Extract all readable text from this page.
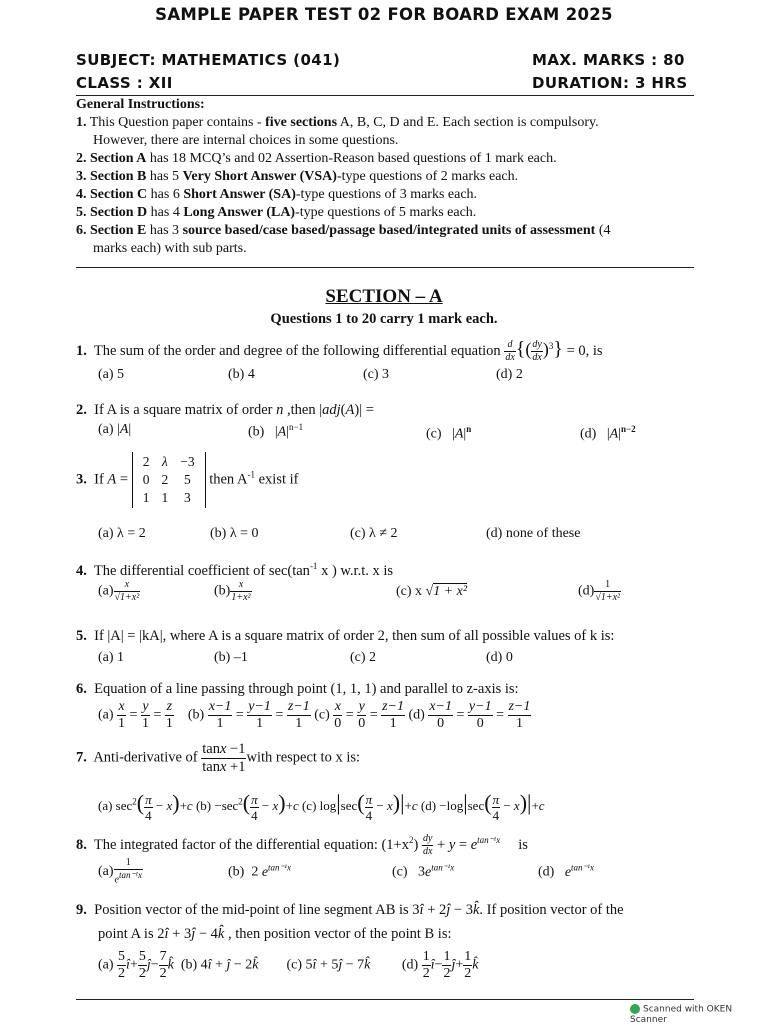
SAMPLE PAPER TEST 02 FOR BOARD EXAM 2025
SUBJECT: MATHEMATICS (041)
CLASS : XII
MAX. MARKS : 80
DURATION: 3 HRS
General Instructions:
1. This Question paper contains - five sections A, B, C, D and E. Each section is compulsory.
However, there are internal choices in some questions.
2. Section A has 18 MCQ’s and 02 Assertion-Reason based questions of 1 mark each.
3. Section B has 5 Very Short Answer (VSA)-type questions of 2 marks each.
4. Section C has 6 Short Answer (SA)-type questions of 3 marks each.
5. Section D has 4 Long Answer (LA)-type questions of 5 marks each.
6. Section E has 3 source based/case based/passage based/integrated units of assessment (4
marks each) with sub parts.
SECTION – A
Questions 1 to 20 carry 1 mark each.
1. The sum of the order and degree of the following differential equation $\frac{d}{dx}$ {( $\frac{dy}{dx} )^3\} = 0$, is
(a) 5	(b) 4	(c) 3	(d) 2
2. If A is a square matrix of order n ,then |adj(A)| =
(a) |A|	(b)   $|A|^{n-1}$	(c)   $|A|^n$	(d)   $|A|^{n-2}$
3. If A =
2	λ	−3
0	2	5
1	1	3
then $A^{-1}$ exist if
(a) λ = 2	(b) λ = 0	(c) λ ≠ 2	(d) none of these
4. The differential coefficient of $\sec(\tan^{-1}$ x ) w.r.t. x is
$(a) \frac{x}{\text{√1+x²}}$	$(b) \frac{x}{\text{1+x²}}$	(c) x √1 + x²	$(d) \frac{1}{\text{√1+x²}}$
5. If |A| = |kA|, where A is a square matrix of order 2, then sum of all possible values of k is:
(a) 1	(b) –1	(c) 2	(d) 0
6. Equation of a line passing through point (1, 1, 1) and parallel to z-axis is:
$(a) \frac{x}{1} = \frac{y}{1} = \frac{z}{1} (b) \frac{x-1}{1} = \frac{y-1}{1} = \frac{z-1}{1} (c) \frac{x}{0} = \frac{y}{0} = \frac{z-1}{1} (d) \frac{x-1}{0} = \frac{y-1}{0} = \frac{z-1}{1}$
7. Anti-derivative of $\frac{\tan x -1}{\tan x +1}$ with respect to x is:
(a) $\sec^2( \frac{\pi}{4} - x)+c$ $(b) -\sec^2( \frac{\pi}{4} - x)+c$ (c) $\log|\sec( \frac{\pi}{4} - x)|+c$ $(d) -\log|\sec( \frac{\pi}{4} - x)|+c$
8. The integrated factor of the differential equation: $(1+x^2) \frac{dy}{dx} + y = e^{tan^{-1}x}$ is
$(a) \frac{1}{e^{tan^{-1}x}}$	(b)  2 $e^{tan^{-1}x}$	(c)   $3e^{tan^{-1}x}$	(d)   $e^{tan^{-1}x}$
9. Position vector of the mid-point of line segment AB is 3î + 2ĵ − 3k̂. If position vector of the
point A is 2î + 3ĵ − 4k̂ , then position vector of the point B is:
$(a) \frac{5}{2}$ î+ $\frac{5}{2}$ ĵ− $\frac{7}{2}$ k̂  (b) 4î + ĵ − 2k̂        (c) 5î + 5ĵ − 7k̂         $(d) \frac{1}{2}$ î− $\frac{1}{2}$ ĵ+ $\frac{1}{2}$ k̂
Scanned with OKEN Scanner
